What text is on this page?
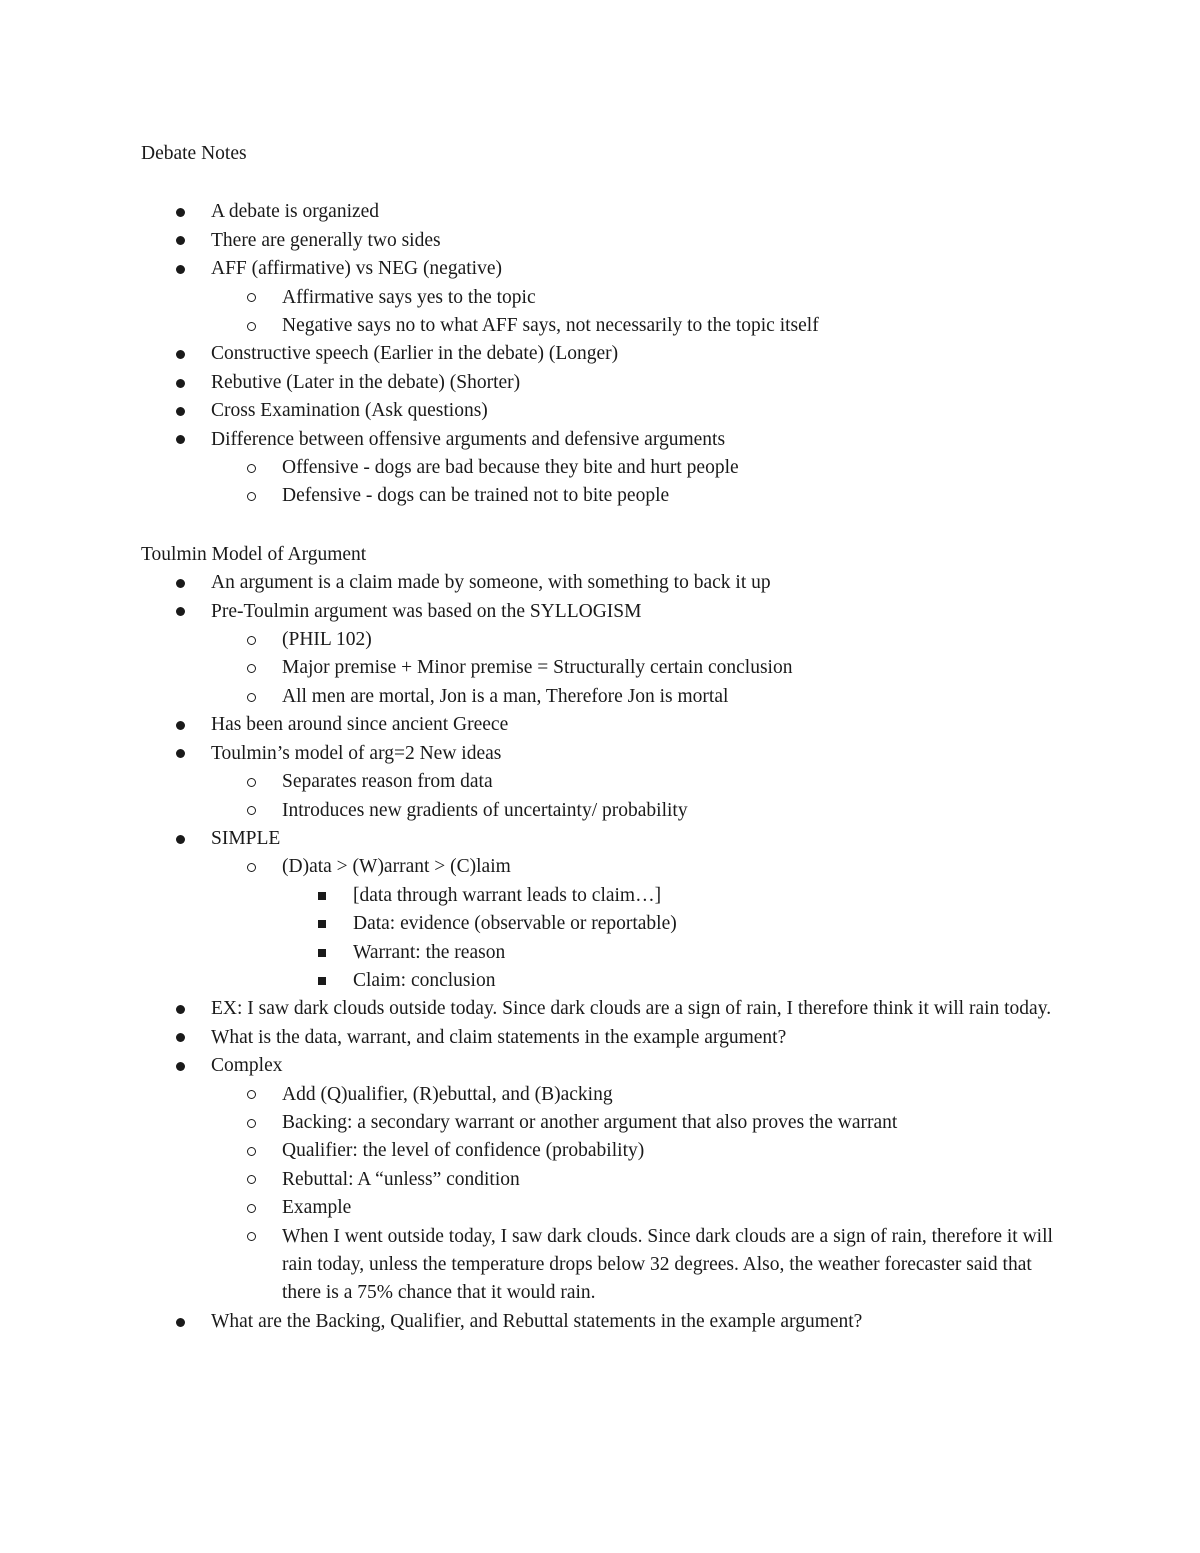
Debate Notes
A debate is organized
There are generally two sides
AFF (affirmative) vs NEG (negative)
Affirmative says yes to the topic
Negative says no to what AFF says, not necessarily to the topic itself
Constructive speech (Earlier in the debate) (Longer)
Rebutive (Later in the debate) (Shorter)
Cross Examination (Ask questions)
Difference between offensive arguments and defensive arguments
Offensive - dogs are bad because they bite and hurt people
Defensive - dogs can be trained not to bite people
Toulmin Model of Argument
An argument is a claim made by someone, with something to back it up
Pre-Toulmin argument was based on the SYLLOGISM
(PHIL 102)
Major premise + Minor premise = Structurally certain conclusion
All men are mortal, Jon is a man, Therefore Jon is mortal
Has been around since ancient Greece
Toulmin’s model of arg=2 New ideas
Separates reason from data
Introduces new gradients of uncertainty/ probability
SIMPLE
(D)ata > (W)arrant > (C)laim
[data through warrant leads to claim…]
Data: evidence (observable or reportable)
Warrant: the reason
Claim: conclusion
EX: I saw dark clouds outside today. Since dark clouds are a sign of rain, I therefore think it will rain today.
What is the data, warrant, and claim statements in the example argument?
Complex
Add (Q)ualifier, (R)ebuttal, and (B)acking
Backing: a secondary warrant or another argument that also proves the warrant
Qualifier: the level of confidence (probability)
Rebuttal: A “unless” condition
Example
When I went outside today, I saw dark clouds. Since dark clouds are a sign of rain, therefore it will rain today, unless the temperature drops below 32 degrees. Also, the weather forecaster said that there is a 75% chance that it would rain.
What are the Backing, Qualifier, and Rebuttal statements in the example argument?
